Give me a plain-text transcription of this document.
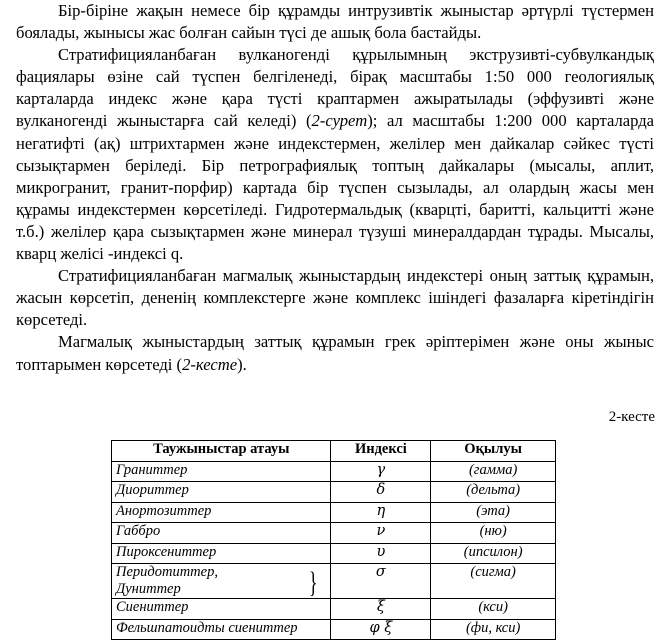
Бір-біріне жақын немесе бір құрамды интрузивтік жыныстар әртүрлі түстермен боялады, жынысы жас болған сайын түсі де ашық бола бастайды.

Стратифицияланбаған вулканогенді құрылымның экструзивті-субвулкандық фациялары өзіне сай түспен белгіленеді, бірақ масштабы 1:50 000 геологиялық карталарда индекс және қара түсті краптармен ажыратылады (эффузивті және вулканогенді жыныстарға сай келеді) (2-сурет); ал масштабы 1:200 000 карталарда негатифті (ақ) штрихтармен және индекстермен, желілер мен дайкалар сәйкес түсті сызықтармен беріледі. Бір петрографиялық топтың дайкалары (мысалы, аплит, микрогранит, гранит-порфир) картада бір түспен сызылады, ал олардың жасы мен құрамы индекстермен көрсетіледі. Гидротермальдық (кварцті, баритті, кальцитті және т.б.) желілер қара сызықтармен және минерал түзуші минералдардан тұрады. Мысалы, кварц желісі -индексі q.

Стратифицияланбаған магмалық жыныстардың индекстері оның заттық құрамын, жасын көрсетіп, дененің комплекстерге және комплекс ішіндегі фазаларға кіретіндігін көрсетеді.

Магмалық жыныстардың заттық құрамын грек әріптерімен және оны жыныс топтарымен көрсетеді (2-кесте).

2-кесте
Таужыныстар атауы	Индексі	Оқылуы
Граниттер	γ	(гамма)
Диориттер	δ	(дельта)
Анортозиттер	η	(эта)
Габбро	ν	(ню)
Пироксениттер	υ	(ипсилон)

Перидотиттер,
Дуниттер }	σ	(сигма)
Сиениттер	ξ	(кси)
Фельшпатоидты сиениттер	φ ξ	(фи, кси)
